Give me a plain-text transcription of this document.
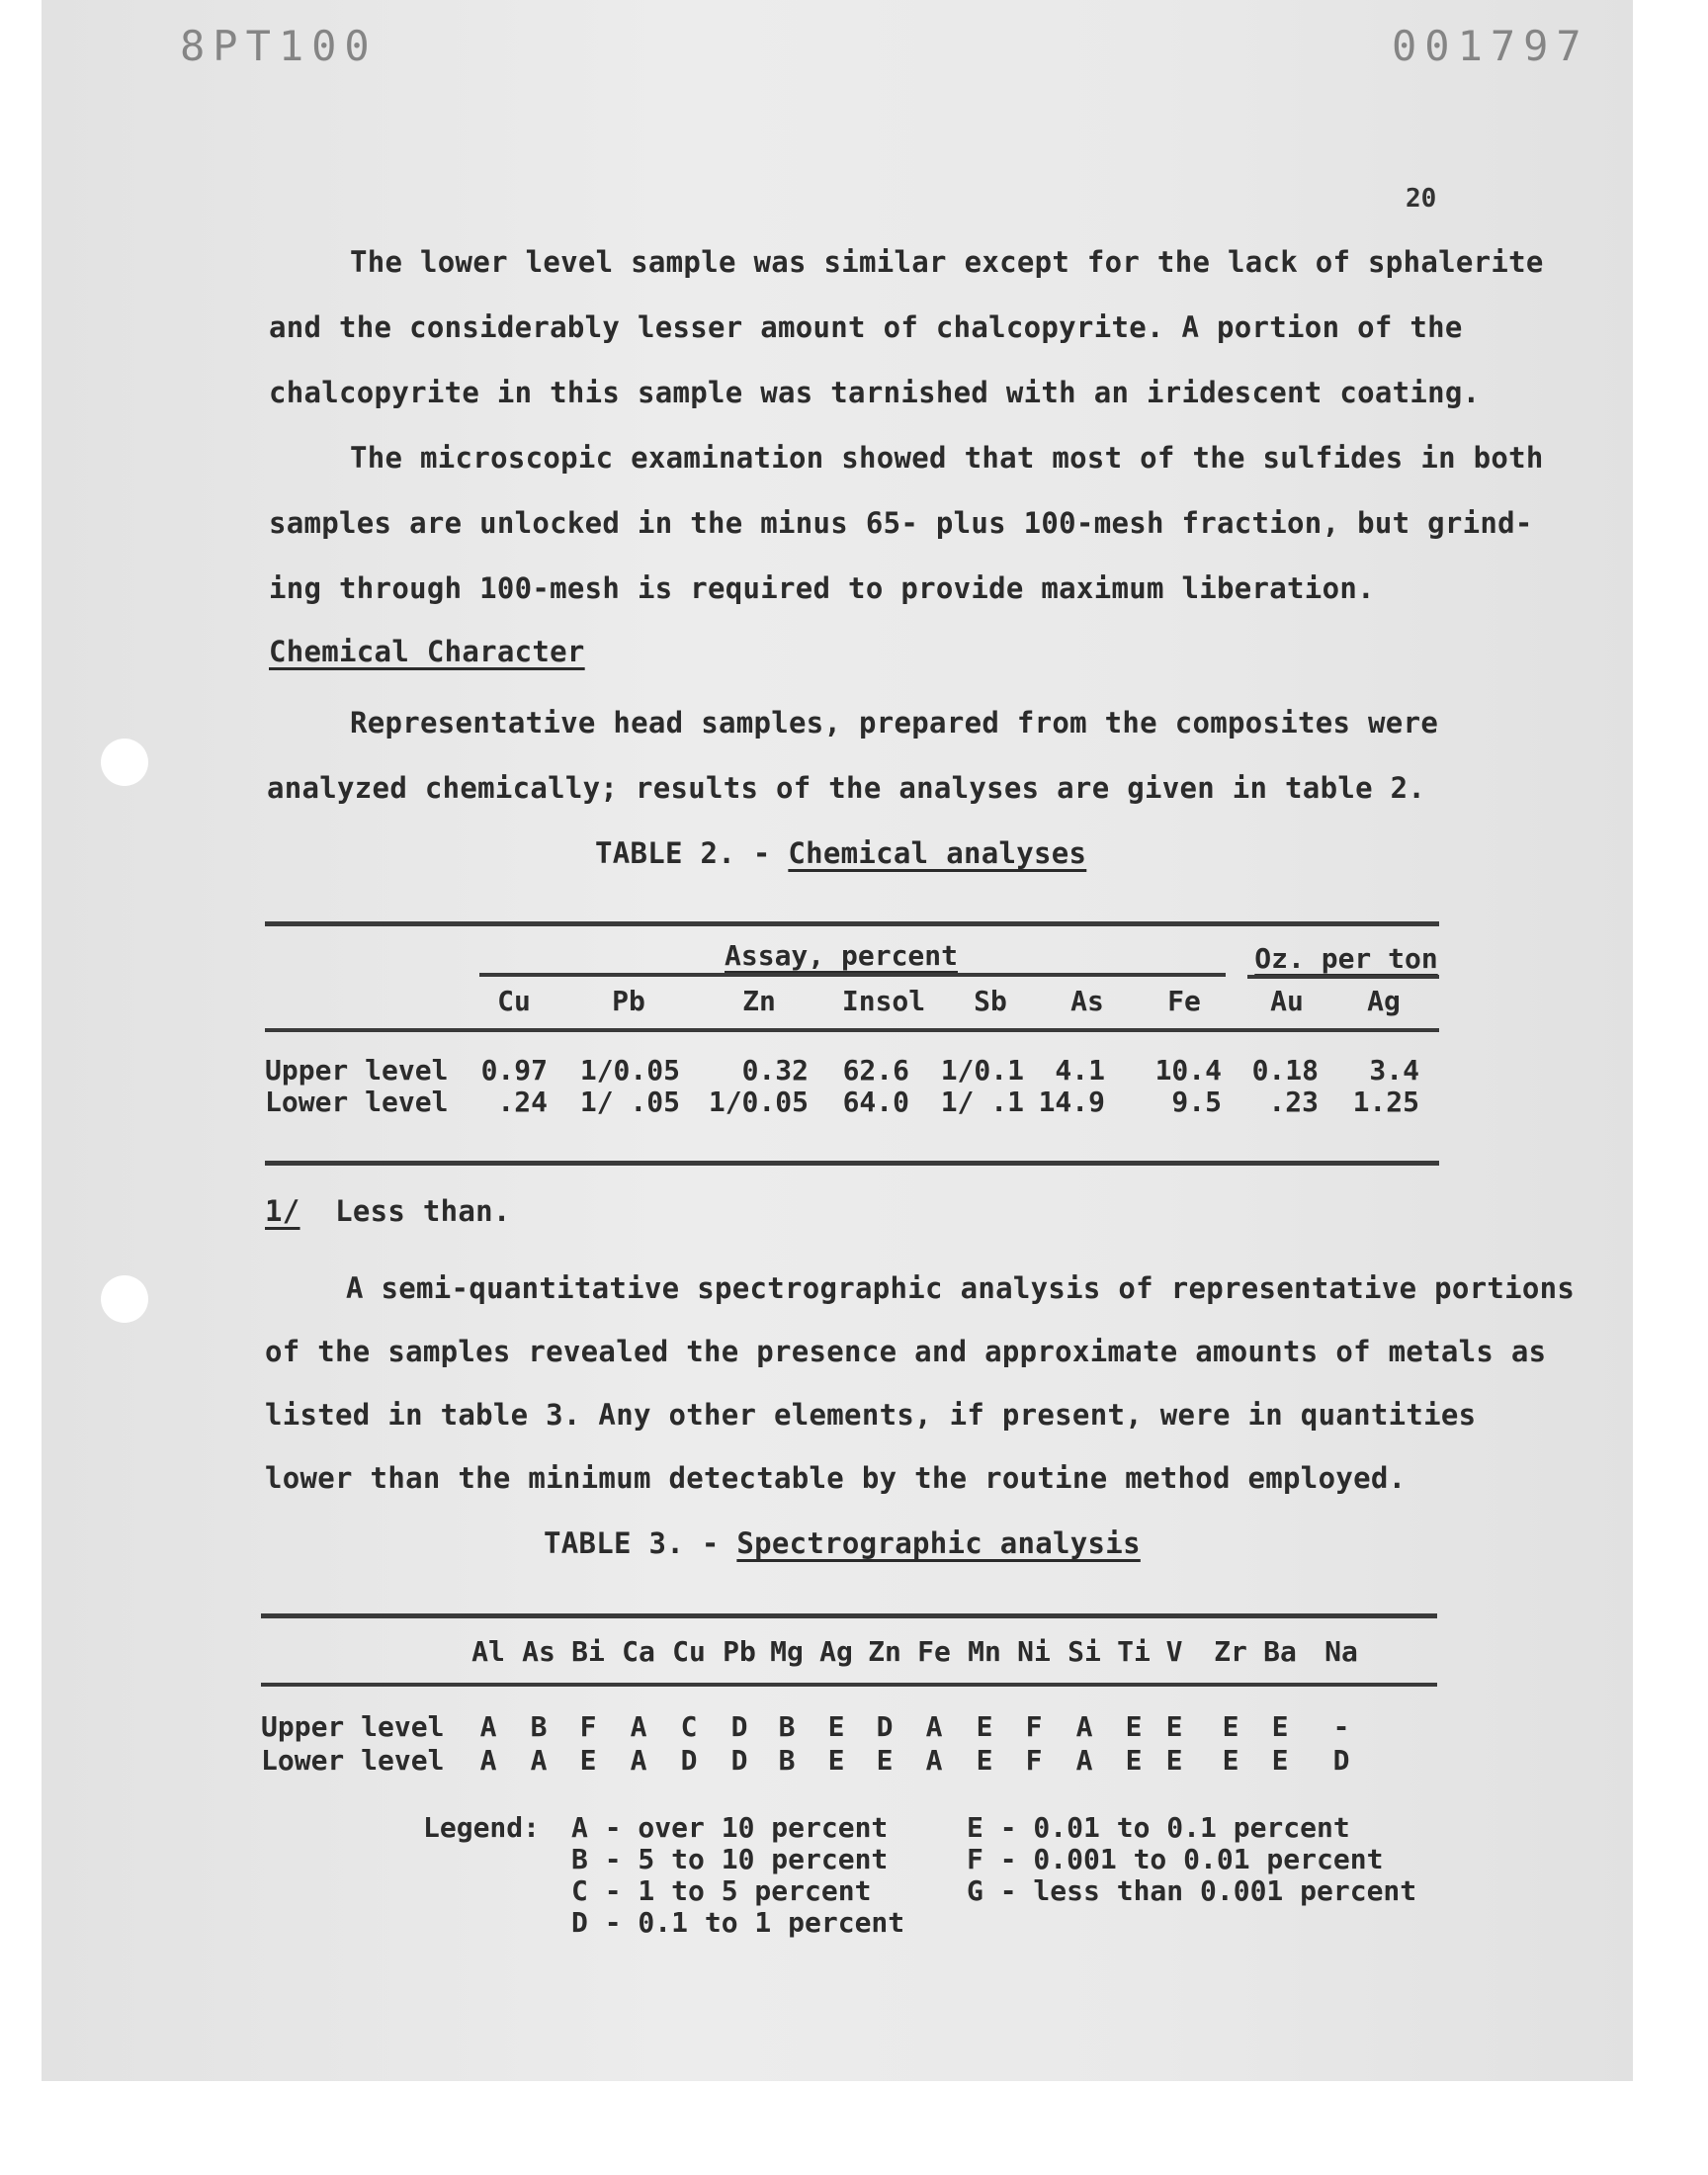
8PT100	001797
20
The lower level sample was similar except for the lack of sphalerite
and the considerably lesser amount of chalcopyrite. A portion of the
chalcopyrite in this sample was tarnished with an iridescent coating.
The microscopic examination showed that most of the sulfides in both
samples are unlocked in the minus 65- plus 100-mesh fraction, but grind-
ing through 100-mesh is required to provide maximum liberation.
Chemical Character
Representative head samples, prepared from the composites were
analyzed chemically; results of the analyses are given in table 2.
TABLE 2. - Chemical analyses
Assay, percent	Oz. per ton
Cu	Pb	Zn Insol Sb As Fe	Au Ag
Upper level 0.97 1/0.05 0.32 62.6 1/0.1 4.1 10.4 0.18 3.4
Lower level .24 1/ .05 1/0.05 64.0 1/ .1 14.9 9.5 .23 1.25
1/ Less than.
A semi-quantitative spectrographic analysis of representative portions
of the samples revealed the presence and approximate amounts of metals as
listed in table 3. Any other elements, if present, were in quantities
lower than the minimum detectable by the routine method employed.
TABLE 3. - Spectrographic analysis
Al As Bi Ca Cu Pb Mg Ag Zn Fe Mn Ni Si Ti V Zr Ba Na
Upper level A B F A C D B E D A E F A E E E E -
Lower level A A E A D D B E E A E F A E E E E D
Legend: A - over 10 percent
B - 5 to 10 percent
C - 1 to 5 percent
D - 0.1 to 1 percent
E - 0.01 to 0.1 percent
F - 0.001 to 0.01 percent
G - less than 0.001 percent
